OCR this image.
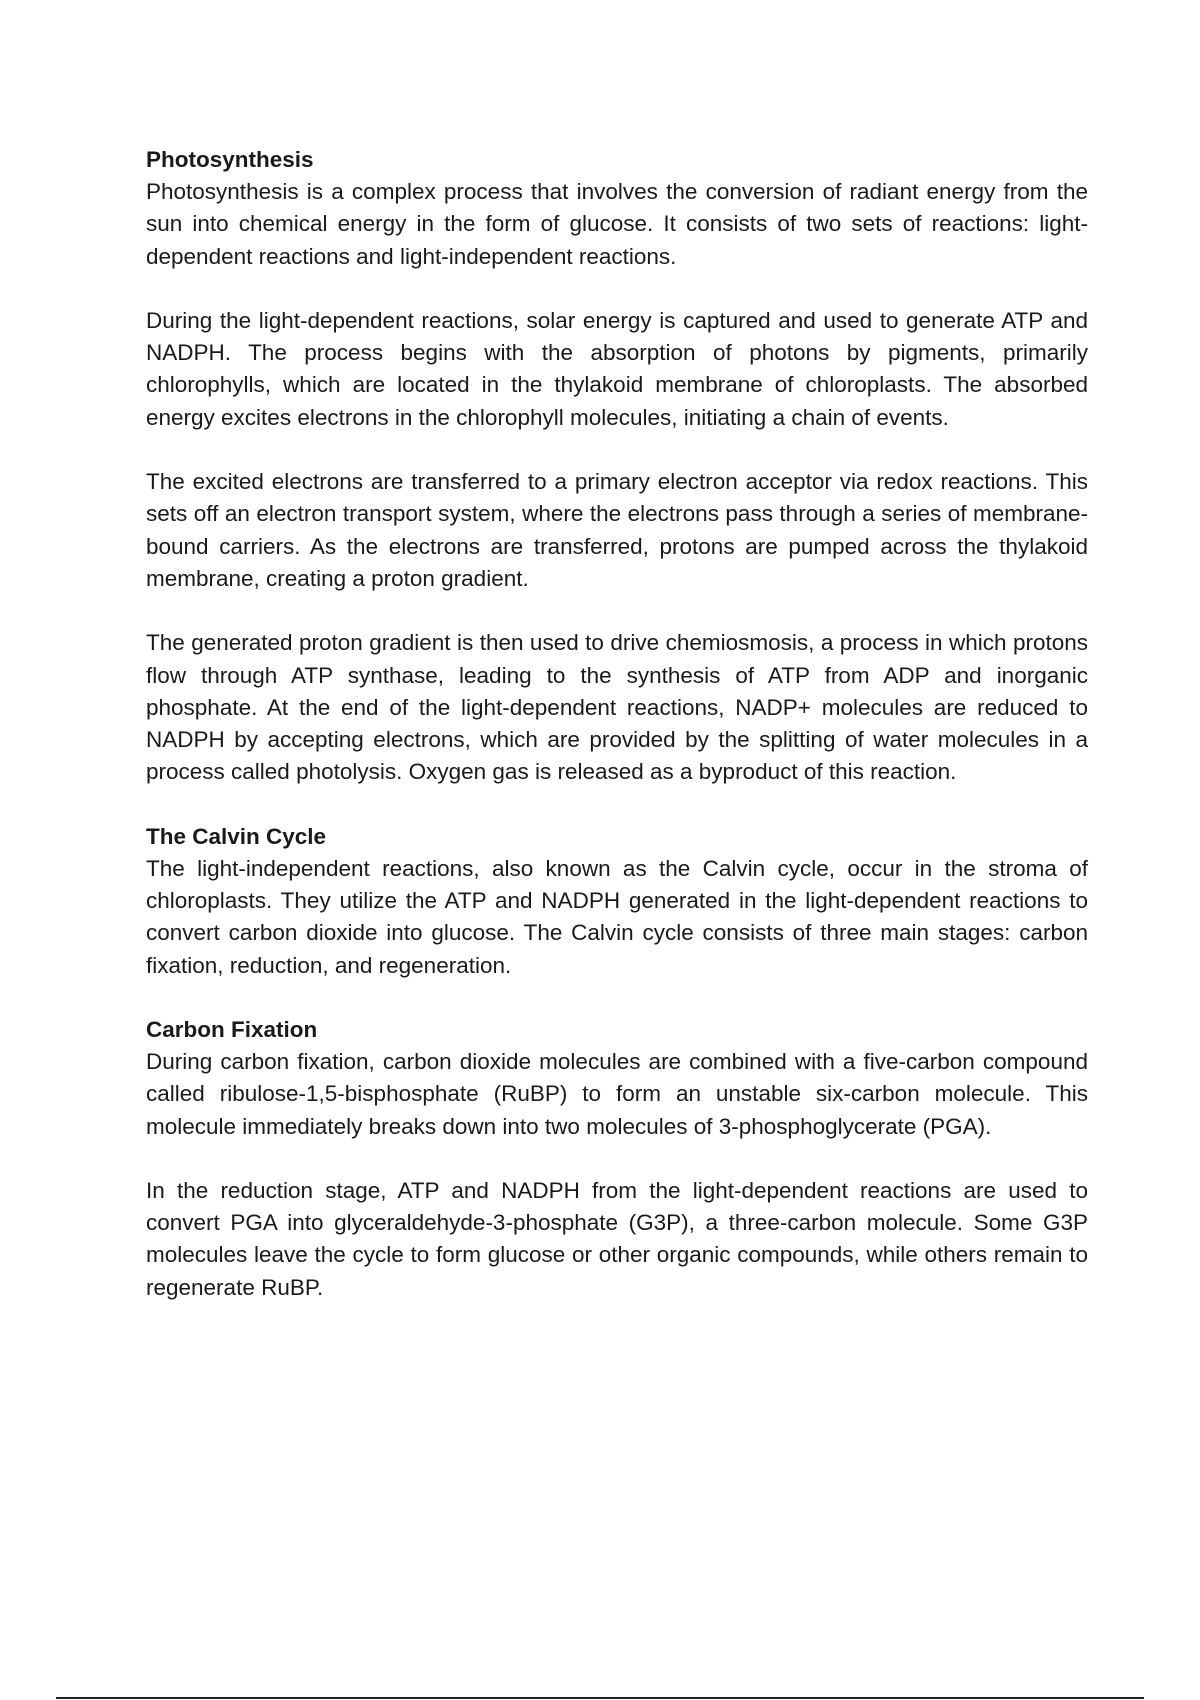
Photosynthesis

Photosynthesis is a complex process that involves the conversion of radiant energy from the sun into chemical energy in the form of glucose. It consists of two sets of reactions: light-dependent reactions and light-independent reactions.

During the light-dependent reactions, solar energy is captured and used to generate ATP and NADPH. The process begins with the absorption of photons by pigments, primarily chlorophylls, which are located in the thylakoid membrane of chloroplasts. The absorbed energy excites electrons in the chlorophyll molecules, initiating a chain of events.

The excited electrons are transferred to a primary electron acceptor via redox reactions. This sets off an electron transport system, where the electrons pass through a series of membrane-bound carriers. As the electrons are transferred, protons are pumped across the thylakoid membrane, creating a proton gradient.

The generated proton gradient is then used to drive chemiosmosis, a process in which protons flow through ATP synthase, leading to the synthesis of ATP from ADP and inorganic phosphate. At the end of the light-dependent reactions, NADP+ molecules are reduced to NADPH by accepting electrons, which are provided by the splitting of water molecules in a process called photolysis. Oxygen gas is released as a byproduct of this reaction.

The Calvin Cycle

The light-independent reactions, also known as the Calvin cycle, occur in the stroma of chloroplasts. They utilize the ATP and NADPH generated in the light-dependent reactions to convert carbon dioxide into glucose. The Calvin cycle consists of three main stages: carbon fixation, reduction, and regeneration.

Carbon Fixation

During carbon fixation, carbon dioxide molecules are combined with a five-carbon compound called ribulose-1,5-bisphosphate (RuBP) to form an unstable six-carbon molecule. This molecule immediately breaks down into two molecules of 3-phosphoglycerate (PGA).

In the reduction stage, ATP and NADPH from the light-dependent reactions are used to convert PGA into glyceraldehyde-3-phosphate (G3P), a three-carbon molecule. Some G3P molecules leave the cycle to form glucose or other organic compounds, while others remain to regenerate RuBP.
